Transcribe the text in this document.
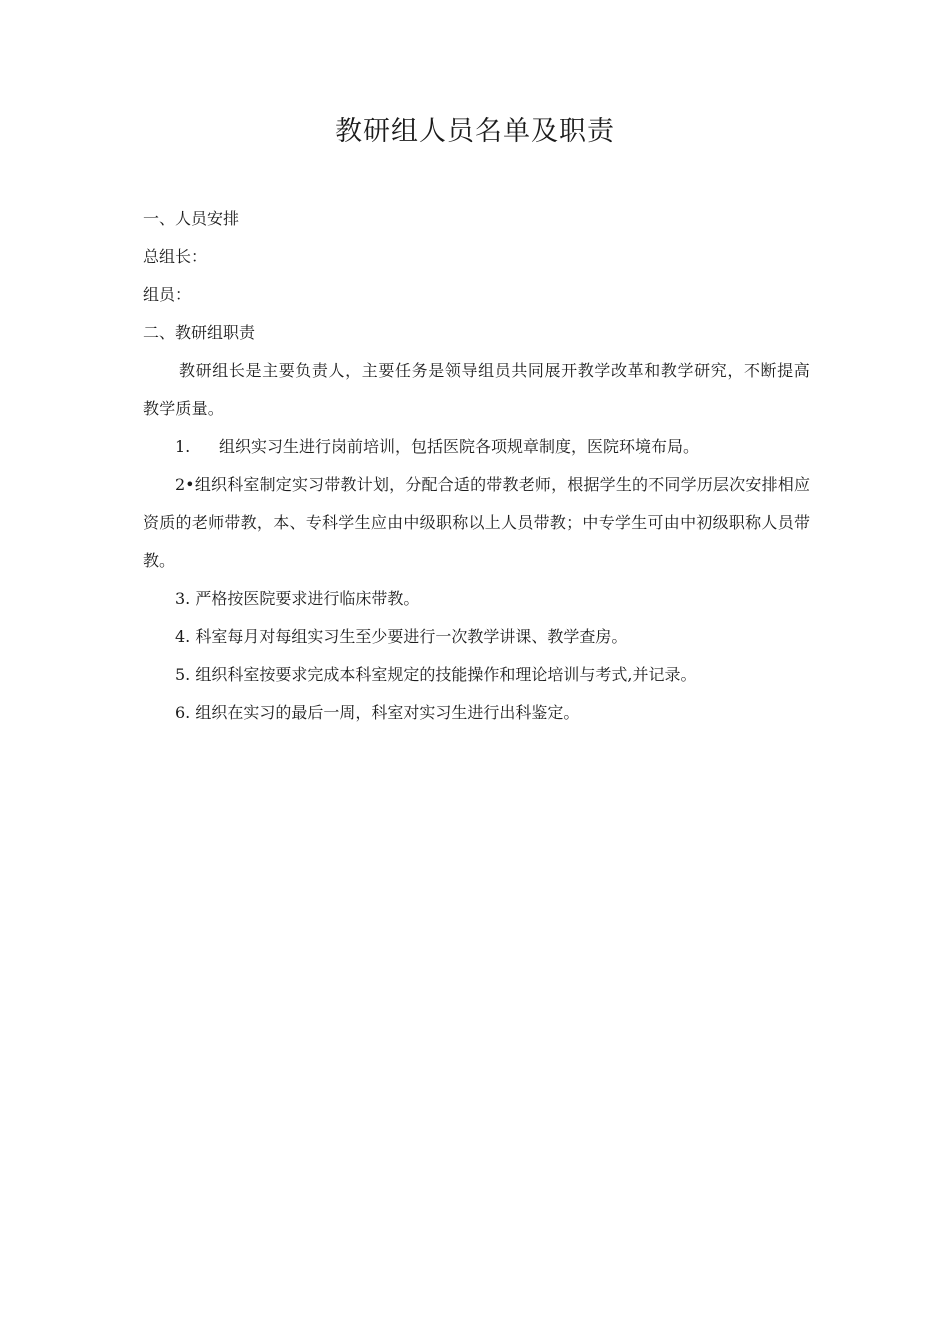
教研组人员名单及职责

一、人员安排

总组长：

组员：

二、教研组职责

教研组长是主要负责人，主要任务是领导组员共同展开教学改革和教学研究，不断提高教学质量。

1. 组织实习生进行岗前培训，包括医院各项规章制度，医院环境布局。

2•组织科室制定实习带教计划，分配合适的带教老师，根据学生的不同学历层次安排相应资质的老师带教，本、专科学生应由中级职称以上人员带教；中专学生可由中初级职称人员带教。

3. 严格按医院要求进行临床带教。

4. 科室每月对每组实习生至少要进行一次教学讲课、教学查房。

5. 组织科室按要求完成本科室规定的技能操作和理论培训与考式,并记录。

6. 组织在实习的最后一周，科室对实习生进行出科鉴定。
